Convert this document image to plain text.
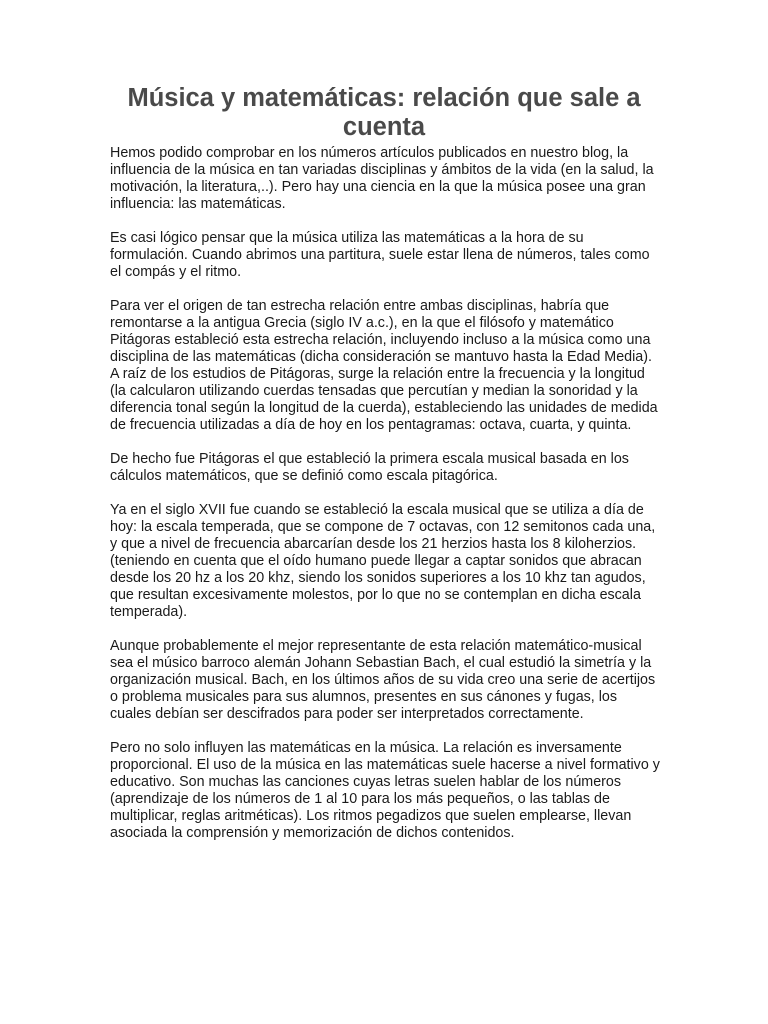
Música y matemáticas: relación que sale a cuenta

Hemos podido comprobar en los números artículos publicados en nuestro blog, la influencia de la música en tan variadas disciplinas y ámbitos de la vida (en la salud, la motivación, la literatura,..). Pero hay una ciencia en la que la música posee una gran influencia: las matemáticas.

Es casi lógico pensar que la música utiliza las matemáticas a la hora de su formulación. Cuando abrimos una partitura, suele estar llena de números, tales como el compás y el ritmo.

Para ver el origen de tan estrecha relación entre ambas disciplinas, habría que remontarse a la antigua Grecia (siglo IV a.c.), en la que el filósofo y matemático Pitágoras estableció esta estrecha relación, incluyendo incluso a la música como una disciplina de las matemáticas (dicha consideración se mantuvo hasta la Edad Media). A raíz de los estudios de Pitágoras, surge la relación entre la frecuencia y la longitud (la calcularon utilizando cuerdas tensadas que percutían y median la sonoridad y la diferencia tonal según la longitud de la cuerda), estableciendo las unidades de medida de frecuencia utilizadas a día de hoy en los pentagramas: octava, cuarta, y quinta.

De hecho fue Pitágoras el que estableció la primera escala musical basada en los cálculos matemáticos, que se definió como escala pitagórica.

Ya en el siglo XVII fue cuando se estableció la escala musical que se utiliza a día de hoy: la escala temperada, que se compone de 7 octavas, con 12 semitonos cada una, y que a nivel de frecuencia abarcarían desde los 21 herzios hasta los 8 kiloherzios. (teniendo en cuenta que el oído humano puede llegar a captar sonidos que abracan desde los 20 hz a los 20 khz, siendo los sonidos superiores a los 10 khz tan agudos, que resultan excesivamente molestos, por lo que no se contemplan en dicha escala temperada).

Aunque probablemente el mejor representante de esta relación matemático-musical sea el músico barroco alemán Johann Sebastian Bach, el cual estudió la simetría y la organización musical. Bach, en los últimos años de su vida creo una serie de acertijos o problema musicales para sus alumnos, presentes en sus cánones y fugas, los cuales debían ser descifrados para poder ser interpretados correctamente.

Pero no solo influyen las matemáticas en la música. La relación es inversamente proporcional. El uso de la música en las matemáticas suele hacerse a nivel formativo y educativo. Son muchas las canciones cuyas letras suelen hablar de los números (aprendizaje de los números de 1 al 10 para los más pequeños, o las tablas de multiplicar, reglas aritméticas). Los ritmos pegadizos que suelen emplearse, llevan asociada la comprensión y memorización de dichos contenidos.
